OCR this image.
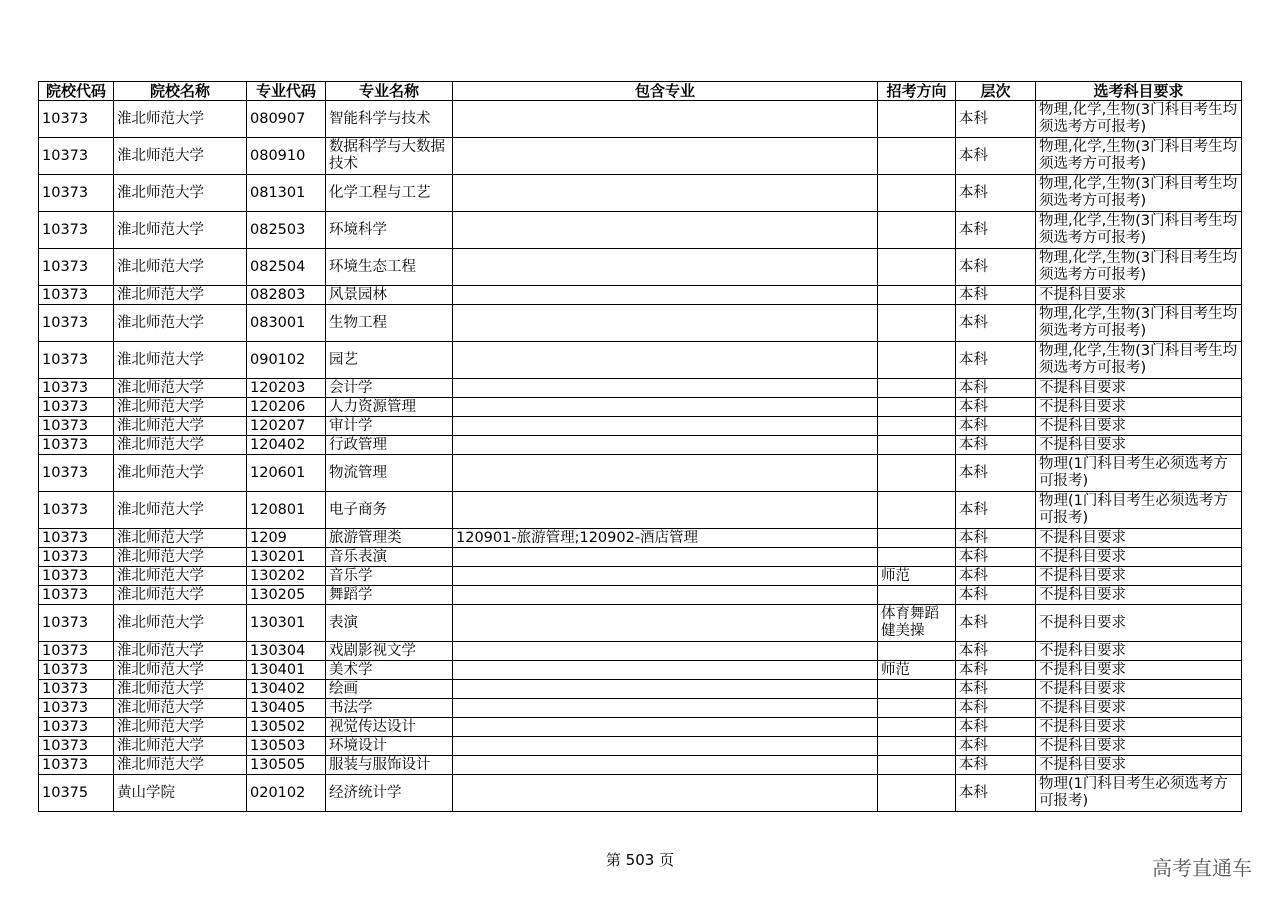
院校代码	院校名称	专业代码	专业名称	包含专业	招考方向	层次	选考科目要求
10373	淮北师范大学	080907	智能科学与技术			本科	物理,化学,生物(3门科目考生均须选考方可报考)
10373	淮北师范大学	080910	数据科学与大数据技术			本科	物理,化学,生物(3门科目考生均须选考方可报考)
10373	淮北师范大学	081301	化学工程与工艺			本科	物理,化学,生物(3门科目考生均须选考方可报考)
10373	淮北师范大学	082503	环境科学			本科	物理,化学,生物(3门科目考生均须选考方可报考)
10373	淮北师范大学	082504	环境生态工程			本科	物理,化学,生物(3门科目考生均须选考方可报考)
10373	淮北师范大学	082803	风景园林			本科	不提科目要求
10373	淮北师范大学	083001	生物工程			本科	物理,化学,生物(3门科目考生均须选考方可报考)
10373	淮北师范大学	090102	园艺			本科	物理,化学,生物(3门科目考生均须选考方可报考)
10373	淮北师范大学	120203	会计学			本科	不提科目要求
10373	淮北师范大学	120206	人力资源管理			本科	不提科目要求
10373	淮北师范大学	120207	审计学			本科	不提科目要求
10373	淮北师范大学	120402	行政管理			本科	不提科目要求
10373	淮北师范大学	120601	物流管理			本科	物理(1门科目考生必须选考方可报考)
10373	淮北师范大学	120801	电子商务			本科	物理(1门科目考生必须选考方可报考)
10373	淮北师范大学	1209	旅游管理类	120901-旅游管理;120902-酒店管理		本科	不提科目要求
10373	淮北师范大学	130201	音乐表演			本科	不提科目要求
10373	淮北师范大学	130202	音乐学		师范	本科	不提科目要求
10373	淮北师范大学	130205	舞蹈学			本科	不提科目要求
10373	淮北师范大学	130301	表演		体育舞蹈健美操	本科	不提科目要求
10373	淮北师范大学	130304	戏剧影视文学			本科	不提科目要求
10373	淮北师范大学	130401	美术学		师范	本科	不提科目要求
10373	淮北师范大学	130402	绘画			本科	不提科目要求
10373	淮北师范大学	130405	书法学			本科	不提科目要求
10373	淮北师范大学	130502	视觉传达设计			本科	不提科目要求
10373	淮北师范大学	130503	环境设计			本科	不提科目要求
10373	淮北师范大学	130505	服装与服饰设计			本科	不提科目要求
10375	黄山学院	020102	经济统计学			本科	物理(1门科目考生必须选考方可报考)
第 503 页	高考直通车
